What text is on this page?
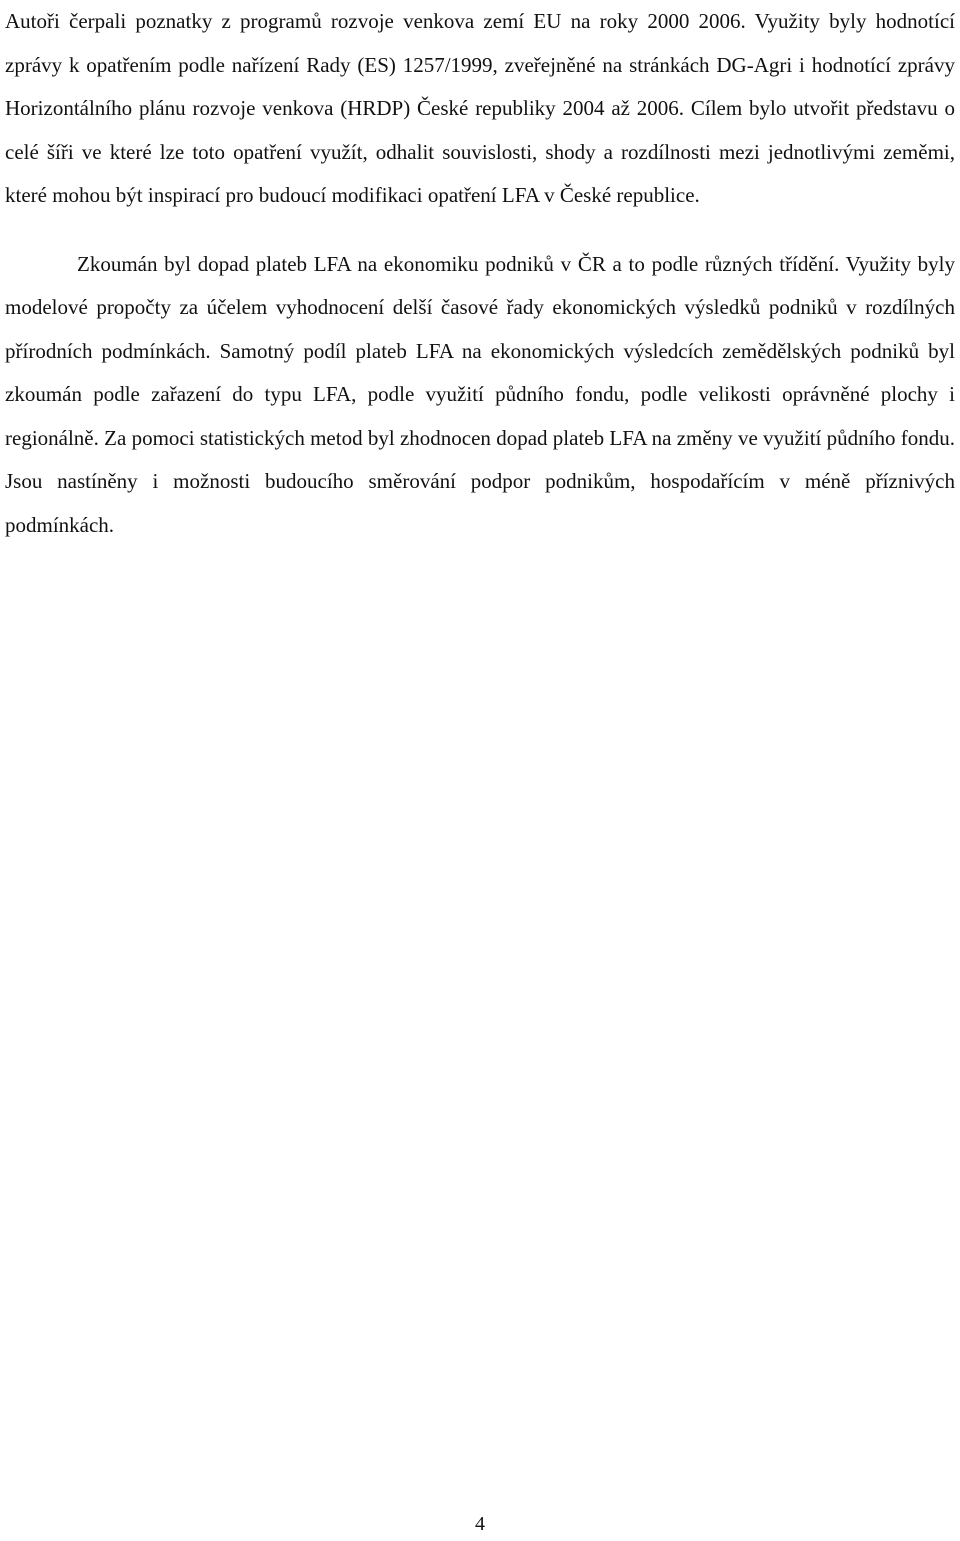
Autoři čerpali poznatky z programů rozvoje venkova zemí EU na roky 2000 2006. Využity byly hodnotící zprávy k opatřením podle nařízení Rady (ES) 1257/1999, zveřejněné na stránkách DG-Agri i hodnotící zprávy Horizontálního plánu rozvoje venkova (HRDP) České republiky 2004 až 2006. Cílem bylo utvořit představu o celé šíři ve které lze toto opatření využít, odhalit souvislosti, shody a rozdílnosti mezi jednotlivými zeměmi, které mohou být inspirací pro budoucí modifikaci opatření LFA v České republice.

Zkoumán byl dopad plateb LFA na ekonomiku podniků v ČR a to podle různých třídění. Využity byly modelové propočty za účelem vyhodnocení delší časové řady ekonomických výsledků podniků v rozdílných přírodních podmínkách. Samotný podíl plateb LFA na ekonomických výsledcích zemědělských podniků byl zkoumán podle zařazení do typu LFA, podle využití půdního fondu, podle velikosti oprávněné plochy i regionálně. Za pomoci statistických metod byl zhodnocen dopad plateb LFA na změny ve využití půdního fondu. Jsou nastíněny i možnosti budoucího směrování podpor podnikům, hospodařícím v méně příznivých podmínkách.

4
